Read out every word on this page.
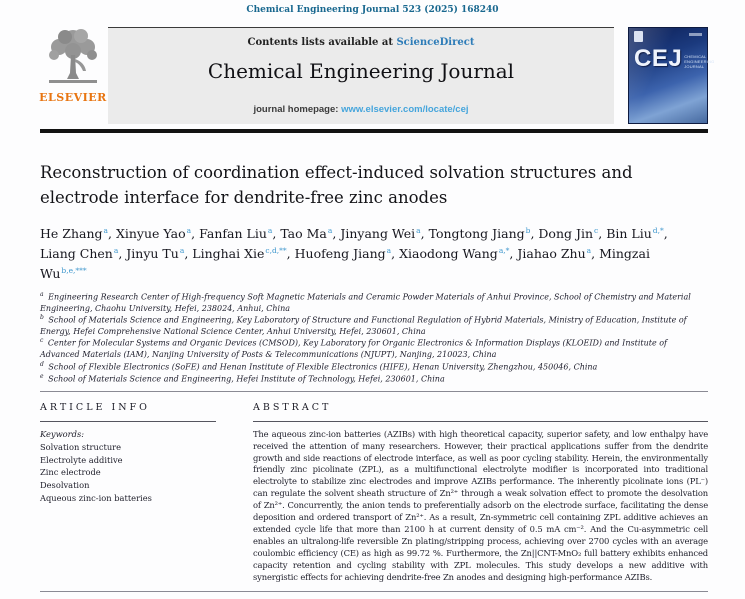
Chemical Engineering Journal 523 (2025) 168240
ELSEVIER
Contents lists available at ScienceDirect
Chemical Engineering Journal
journal homepage: www.elsevier.com/locate/cej
CEJ CHEMICAL
ENGINEERING
JOURNAL
Reconstruction of coordination effect-induced solvation structures and electrode interface for dendrite-free zinc anodes
He Zhang$^a$, Xinyue Yao$^a$, Fanfan Liu$^a$, Tao Ma$^a$, Jinyang Wei$^a$, Tongtong Jiang$^b$, Dong Jin$^c$, Bin Liu$^{d,*}$, Liang Chen$^a$, Jinyu Tu$^a$, Linghai Xie$^{c,d,**}$, Huofeng Jiang$^a$, Xiaodong Wang$^{a,*}$, Jiahao Zhu$^a$, Mingzai $Wu^{b,e,***}$
$^a$ Engineering Research Center of High-frequency Soft Magnetic Materials and Ceramic Powder Materials of Anhui Province, School of Chemistry and Material Engineering, Chaohu University, Hefei, 238024, Anhui, China
$^b$ School of Materials Science and Engineering, Key Laboratory of Structure and Functional Regulation of Hybrid Materials, Ministry of Education, Institute of Energy, Hefei Comprehensive National Science Center, Anhui University, Hefei, 230601, China
$^c$ Center for Molecular Systems and Organic Devices (CMSOD), Key Laboratory for Organic Electronics & Information Displays (KLOEID) and Institute of Advanced Materials (IAM), Nanjing University of Posts & Telecommunications (NJUPT), Nanjing, 210023, China
$^d$ School of Flexible Electronics (SoFE) and Henan Institute of Flexible Electronics (HIFE), Henan University, Zhengzhou, 450046, China
$^e$ School of Materials Science and Engineering, Hefei Institute of Technology, Hefei, 230601, China
ARTICLE INFO
Keywords:
Solvation structure
Electrolyte additive
Zinc electrode
Desolvation
Aqueous zinc-ion batteries
ABSTRACT

The aqueous zinc-ion batteries (AZIBs) with high theoretical capacity, superior safety, and low enthalpy have received the attention of many researchers. However, their practical applications suffer from the dendrite growth and side reactions of electrode interface, as well as poor cycling stability. Herein, the environmentally friendly zinc picolinate (ZPL), as a multifunctional electrolyte modifier is incorporated into traditional electrolyte to stabilize zinc electrodes and improve AZIBs performance. The inherently picolinate ions (PL⁻) can regulate the solvent sheath structure of Zn²⁺ through a weak solvation effect to promote the desolvation of Zn²⁺. Concurrently, the anion tends to preferentially adsorb on the electrode surface, facilitating the dense deposition and ordered transport of Zn²⁺. As a result, Zn-symmetric cell containing ZPL additive achieves an extended cycle life that more than 2100 h at current density of 0.5 mA cm⁻². And the Cu-asymmetric cell enables an ultralong-life reversible Zn plating/stripping process, achieving over 2700 cycles with an average coulombic efficiency (CE) as high as 99.72 %. Furthermore, the Zn||CNT-MnO₂ full battery exhibits enhanced capacity retention and cycling stability with ZPL molecules. This study develops a new additive with synergistic effects for achieving dendrite-free Zn anodes and designing high-performance AZIBs.
